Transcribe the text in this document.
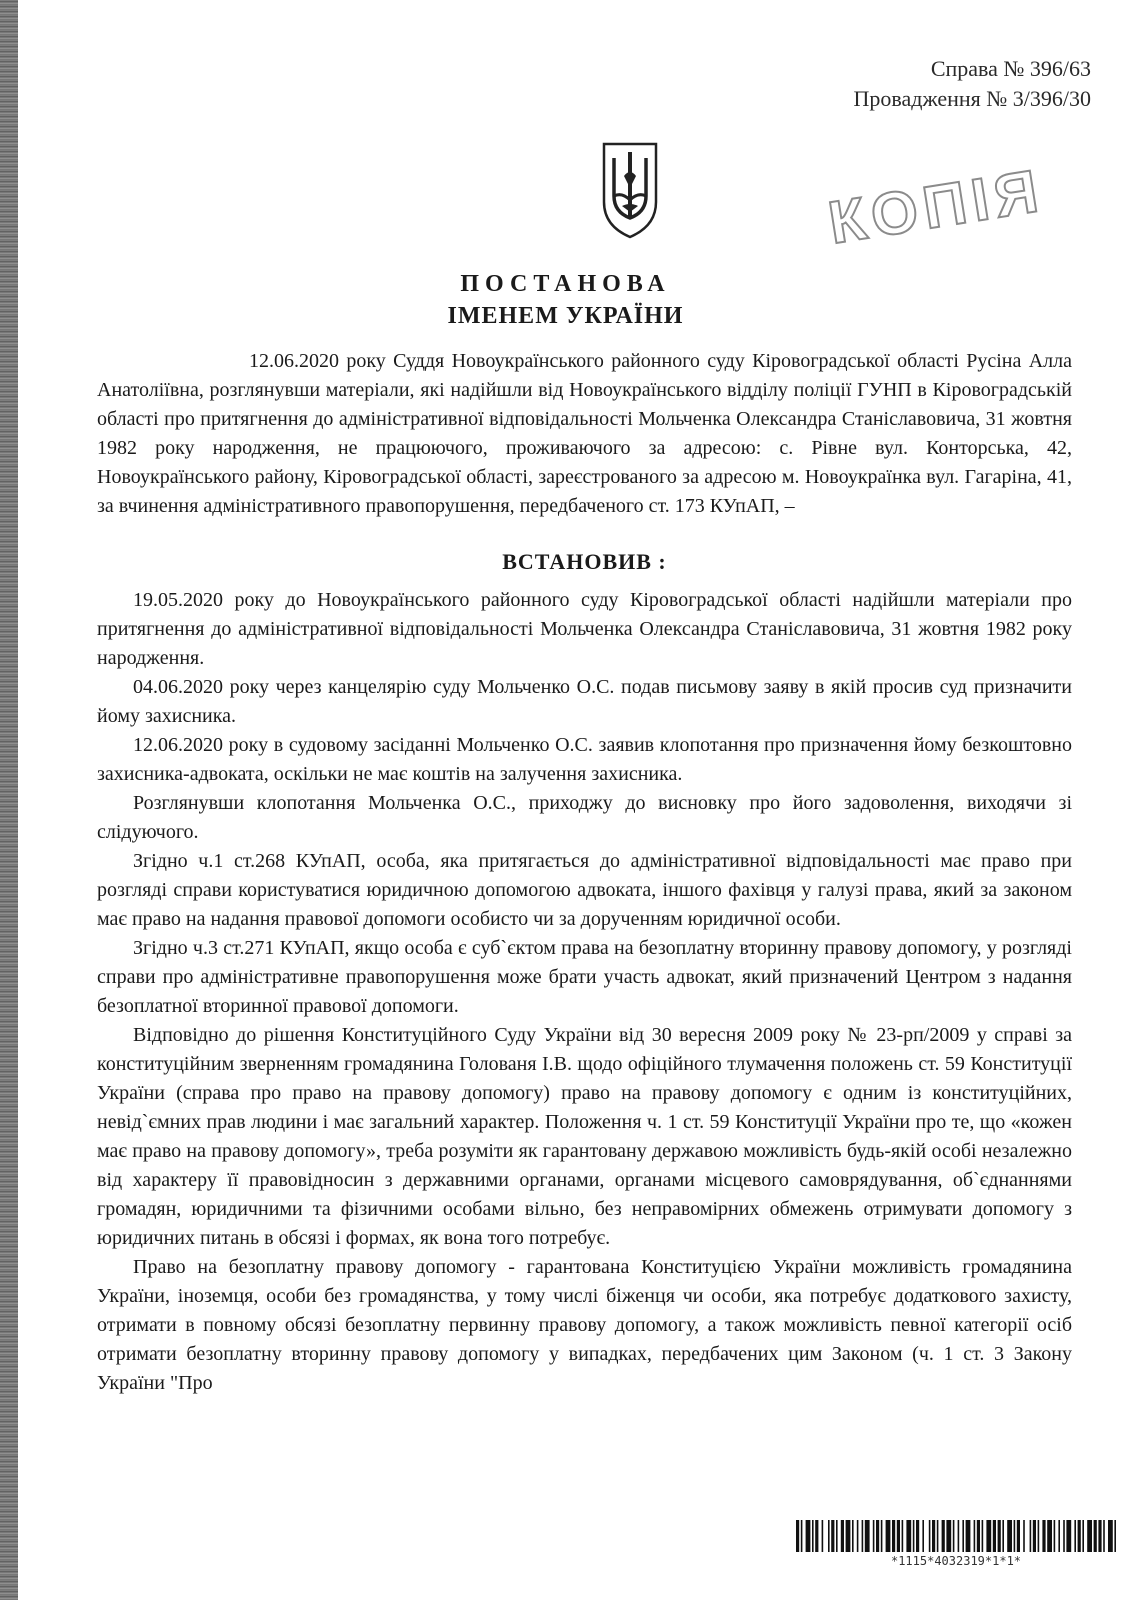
Справа № 396/63
Провадження № 3/396/30
КОПІЯ
ПОСТАНОВА
ІМЕНЕМ УКРАЇНИ

12.06.2020 року Суддя Новоукраїнського районного суду Кіровоградської області Русіна Алла Анатоліївна, розглянувши матеріали, які надійшли від Новоукраїнського відділу поліції ГУНП в Кіровоградській області про притягнення до адміністративної відповідальності Мольченка Олександра Станіславовича, 31 жовтня 1982 року народження, не працюючого, проживаючого за адресою: с. Рівне вул. Конторська, 42, Новоукраїнського району, Кіровоградської області, зареєстрованого за адресою м. Новоукраїнка вул. Гагаріна, 41, за вчинення адміністративного правопорушення, передбаченого ст. 173 КУпАП, –

ВСТАНОВИВ :

19.05.2020 року до Новоукраїнського районного суду Кіровоградської області надійшли матеріали про притягнення до адміністративної відповідальності Мольченка Олександра Станіславовича, 31 жовтня 1982 року народження.

04.06.2020 року через канцелярію суду Мольченко О.С. подав письмову заяву в якій просив суд призначити йому захисника.

12.06.2020 року в судовому засіданні Мольченко О.С. заявив клопотання про призначення йому безкоштовно захисника-адвоката, оскільки не має коштів на залучення захисника.

Розглянувши клопотання Мольченка О.С., приходжу до висновку про його задоволення, виходячи зі слідуючого.

Згідно ч.1 ст.268 КУпАП, особа, яка притягається до адміністративної відповідальності має право при розгляді справи користуватися юридичною допомогою адвоката, іншого фахівця у галузі права, який за законом має право на надання правової допомоги особисто чи за дорученням юридичної особи.

Згідно ч.3 ст.271 КУпАП, якщо особа є суб`єктом права на безоплатну вторинну правову допомогу, у розгляді справи про адміністративне правопорушення може брати участь адвокат, який призначений Центром з надання безоплатної вторинної правової допомоги.

Відповідно до рішення Конституційного Суду України від 30 вересня 2009 року № 23-рп/2009 у справі за конституційним зверненням громадянина Голованя І.В. щодо офіційного тлумачення положень ст. 59 Конституції України (справа про право на правову допомогу) право на правову допомогу є одним із конституційних, невід`ємних прав людини і має загальний характер. Положення ч. 1 ст. 59 Конституції України про те, що «кожен має право на правову допомогу», треба розуміти як гарантовану державою можливість будь-якій особі незалежно від характеру її правовідносин з державними органами, органами місцевого самоврядування, об`єднаннями громадян, юридичними та фізичними особами вільно, без неправомірних обмежень отримувати допомогу з юридичних питань в обсязі і формах, як вона того потребує.

Право на безоплатну правову допомогу - гарантована Конституцією України можливість громадянина України, іноземця, особи без громадянства, у тому числі біженця чи особи, яка потребує додаткового захисту, отримати в повному обсязі безоплатну первинну правову допомогу, а також можливість певної категорії осіб отримати безоплатну вторинну правову допомогу у випадках, передбачених цим Законом (ч. 1 ст. 3 Закону України "Про

*1115*4032319*1*1*
